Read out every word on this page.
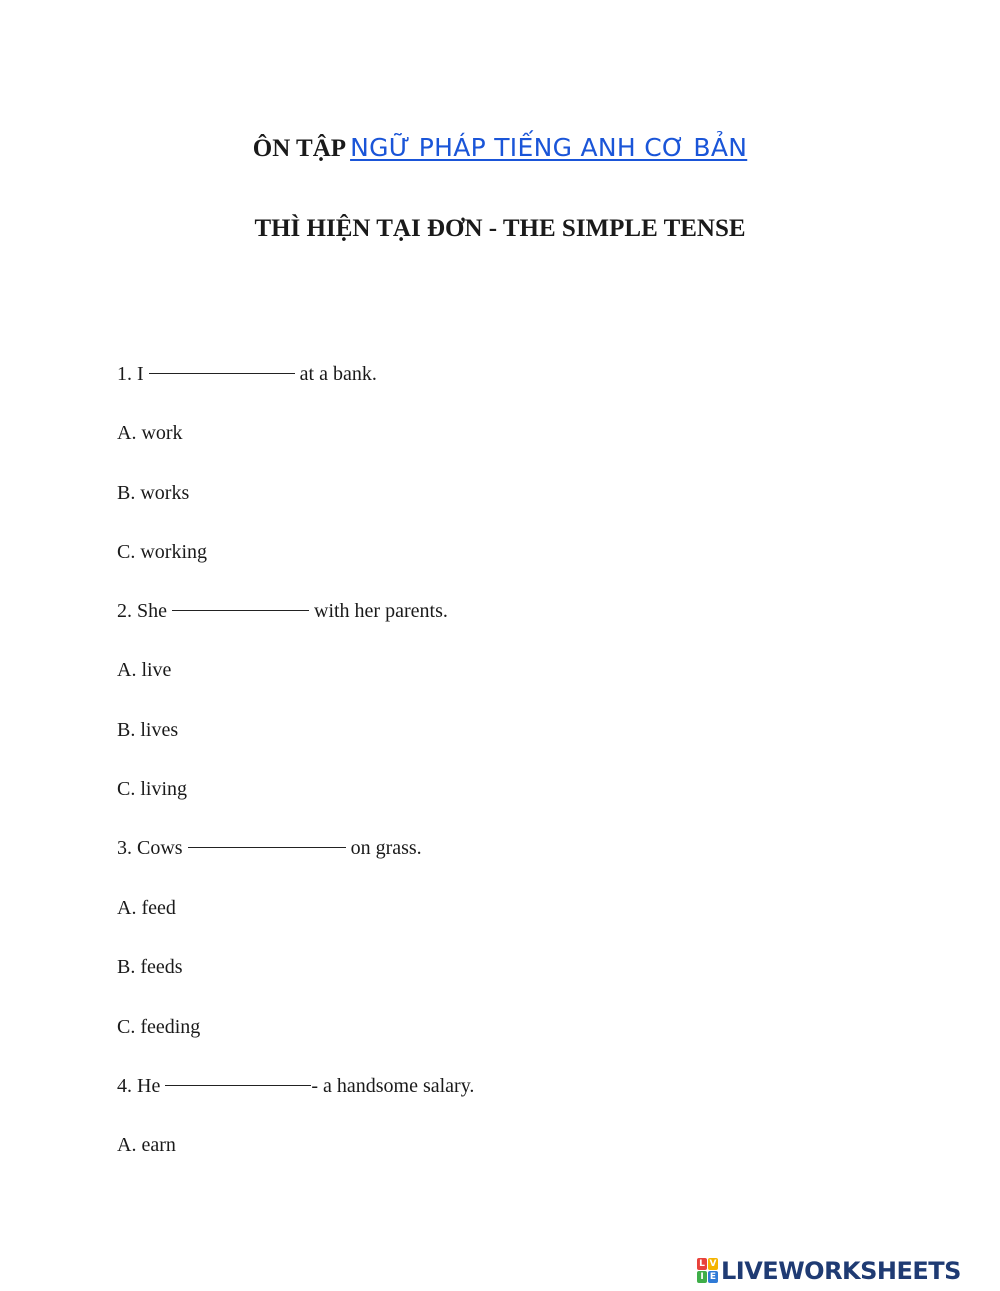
ÔN TẬP NGỮ PHÁP TIẾNG ANH CƠ BẢN
THÌ HIỆN TẠI ĐƠN - THE SIMPLE TENSE
1. I	at a bank.
A. work
B. works
C. working
2. She	with her parents.
A. live
B. lives
C. living
3. Cows	on grass.
A. feed
B. feeds
C. feeding
4. He	- a handsome salary.
A. earn
L
I
V
E LIVEWORKSHEETS
